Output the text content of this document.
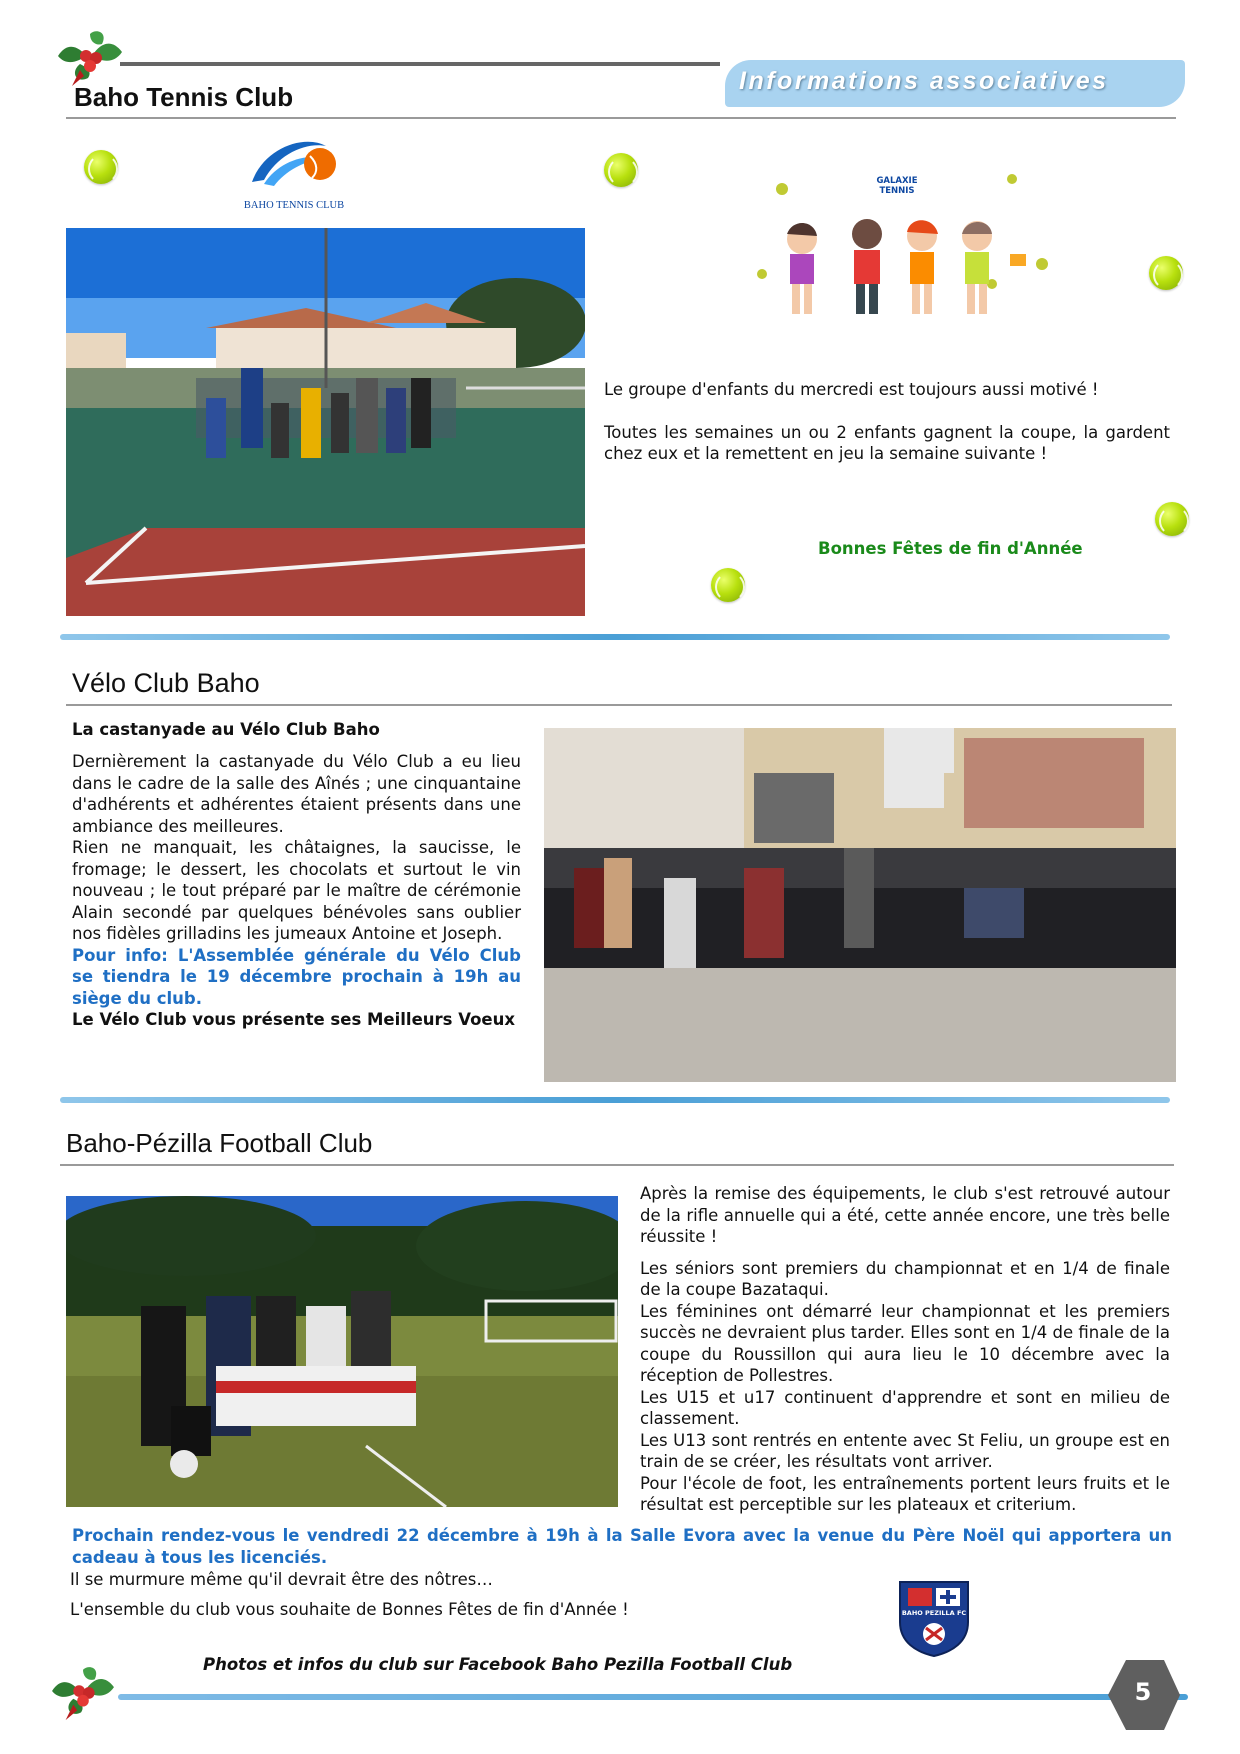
Informations associatives
Baho Tennis Club
BAHO TENNIS CLUB
GALAXIE
TENNIS

Le groupe d'enfants du mercredi est toujours aussi motivé !

Toutes les semaines un ou 2 enfants gagnent la coupe, la gardent chez eux et la remettent en jeu la semaine suivante !

Bonnes Fêtes de fin d'Année
Vélo Club Baho
La castanyade au Vélo Club Baho

Dernièrement la castanyade du Vélo Club a eu lieu dans le cadre de la salle des Aînés ; une cinquantaine d'adhérents et adhérentes étaient présents dans une ambiance des meilleures.

Rien ne manquait, les châtaignes, la saucisse, le fromage; le dessert, les chocolats et surtout le vin nouveau ; le tout préparé par le maître de cérémonie Alain secondé par quelques bénévoles sans oublier nos fidèles grilladins les jumeaux Antoine et Joseph.

Pour info: L'Assemblée générale du Vélo Club se tiendra le 19 décembre prochain à 19h au siège du club.

Le Vélo Club vous présente ses Meilleurs Voeux

Baho-Pézilla Football Club

Après la remise des équipements, le club s'est retrouvé autour de la rifle annuelle qui a été, cette année encore, une très belle réussite !

Les séniors sont premiers du championnat et en 1/4 de finale de la coupe Bazataqui.

Les féminines ont démarré leur championnat et les premiers succès ne devraient plus tarder. Elles sont en 1/4 de finale de la coupe du Roussillon qui aura lieu le 10 décembre avec la réception de Pollestres.

Les U15 et u17 continuent d'apprendre et sont en milieu de classement.

Les U13 sont rentrés en entente avec St Feliu, un groupe est en train de se créer, les résultats vont arriver.

Pour l'école de foot, les entraînements portent leurs fruits et le résultat est perceptible sur les plateaux et criterium.

Prochain rendez-vous le vendredi 22 décembre à 19h à la Salle Evora avec la venue du Père Noël qui apportera un cadeau à tous les licenciés.
Il se murmure même qu'il devrait être des nôtres…
L'ensemble du club vous souhaite de Bonnes Fêtes de fin d'Année !	BAHO PEZILLA FC
Photos et infos du club sur Facebook Baho Pezilla Football Club
5
